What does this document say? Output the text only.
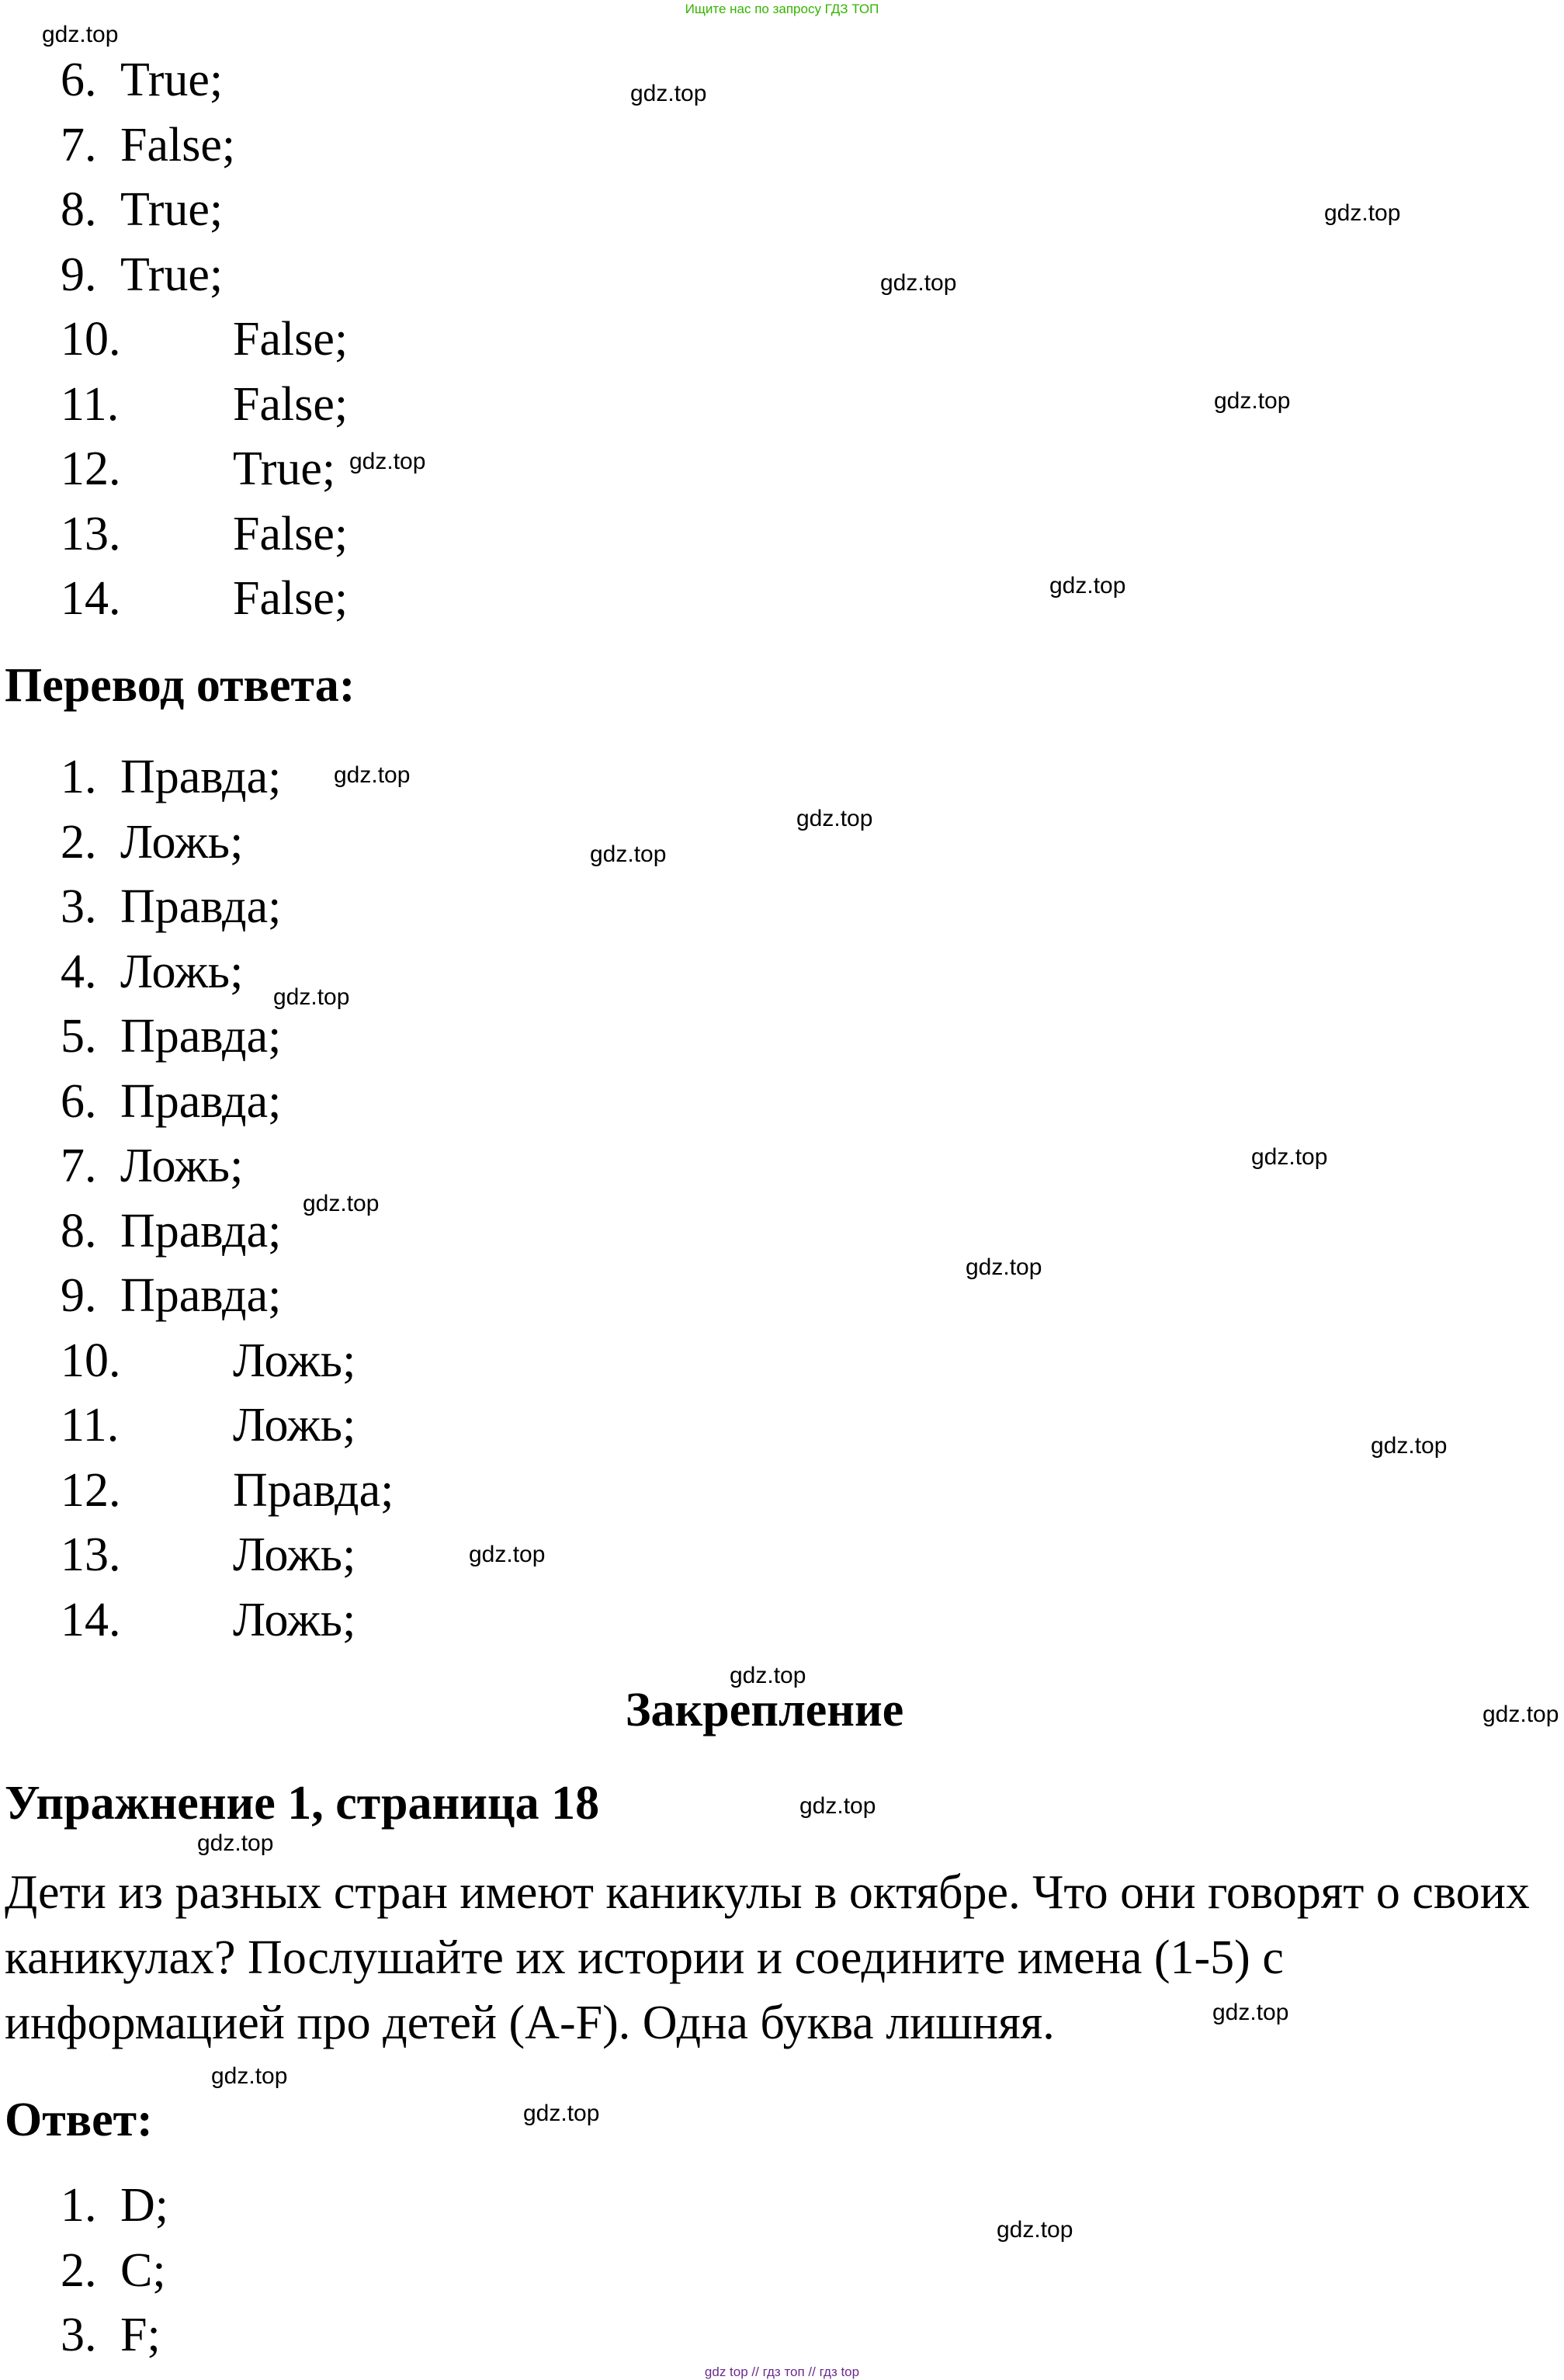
Ищите нас по запросу ГДЗ ТОП
6. True;
7. False;
8. True;
9. True;
10. False;
11. False;
12. True;
13. False;
14. False;
Перевод ответа:
1. Правда;
2. Ложь;
3. Правда;
4. Ложь;
5. Правда;
6. Правда;
7. Ложь;
8. Правда;
9. Правда;
10. Ложь;
11. Ложь;
12. Правда;
13. Ложь;
14. Ложь;
Закрепление
Упражнение 1, страница 18

Дети из разных стран имеют каникулы в октябре. Что они говорят о своих каникулах? Послушайте их истории и соедините имена (1-5) с информацией про детей (A-F). Одна буква лишняя.

Ответ:
1. D;
2. C;
3. F;
gdz.top
gdz.top
gdz.top
gdz.top
gdz.top
gdz.top
gdz.top
gdz.top
gdz.top
gdz.top
gdz.top
gdz.top
gdz.top
gdz.top
gdz.top
gdz.top
gdz.top
gdz.top
gdz.top
gdz.top
gdz.top
gdz.top
gdz.top
gdz.top
gdz top // гдз топ // гдз top
